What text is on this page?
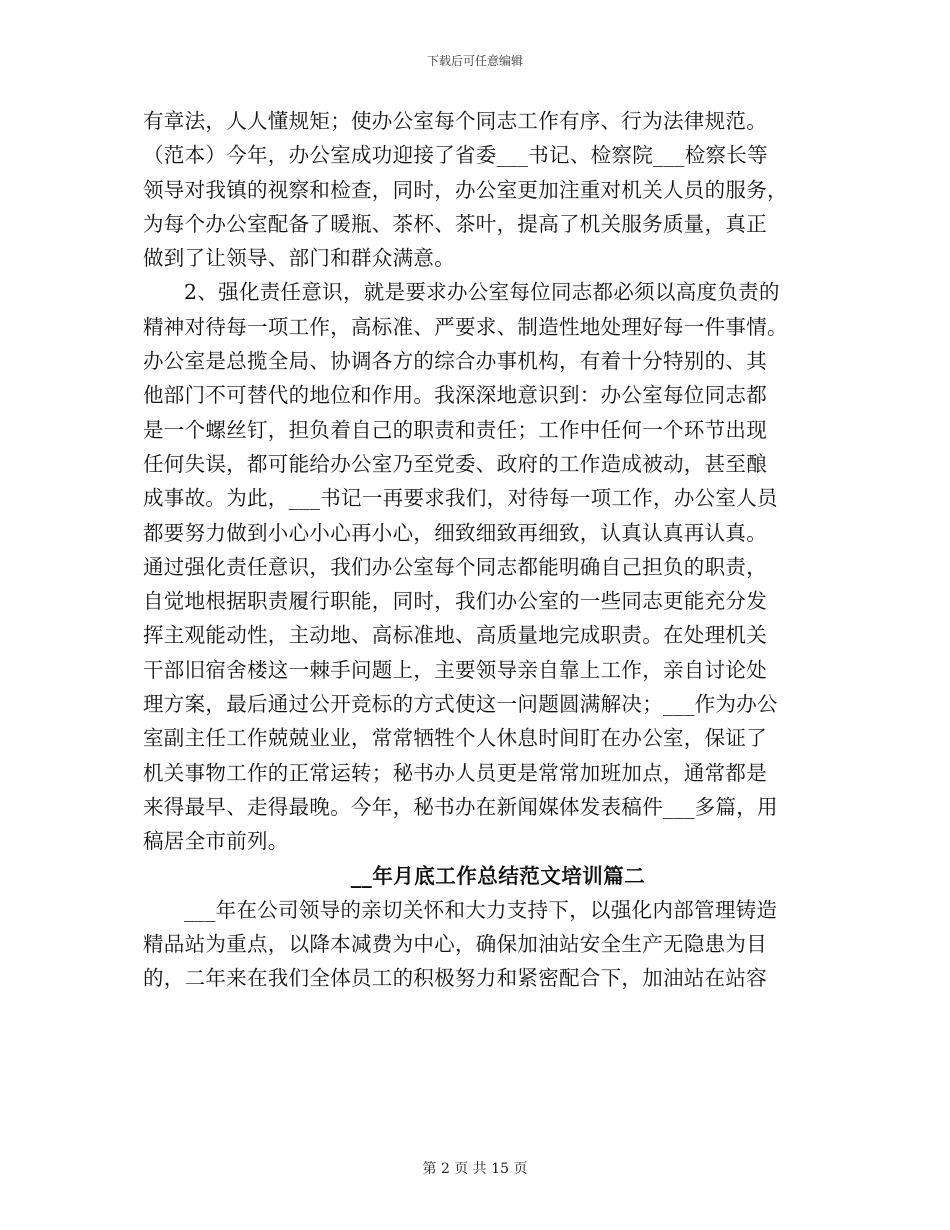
下载后可任意编辑
有章法，人人懂规矩；使办公室每个同志工作有序、行为法律规范。
（范本）今年，办公室成功迎接了省委___书记、检察院___检察长等
领导对我镇的视察和检查，同时，办公室更加注重对机关人员的服务，
为每个办公室配备了暖瓶、茶杯、茶叶，提高了机关服务质量，真正
做到了让领导、部门和群众满意。
2、强化责任意识，就是要求办公室每位同志都必须以高度负责的
精神对待每一项工作，高标准、严要求、制造性地处理好每一件事情。
办公室是总揽全局、协调各方的综合办事机构，有着十分特别的、其
他部门不可替代的地位和作用。我深深地意识到：办公室每位同志都
是一个螺丝钉，担负着自己的职责和责任；工作中任何一个环节出现
任何失误，都可能给办公室乃至党委、政府的工作造成被动，甚至酿
成事故。为此，___书记一再要求我们，对待每一项工作，办公室人员
都要努力做到小心小心再小心，细致细致再细致，认真认真再认真。
通过强化责任意识，我们办公室每个同志都能明确自己担负的职责，
自觉地根据职责履行职能，同时，我们办公室的一些同志更能充分发
挥主观能动性，主动地、高标准地、高质量地完成职责。在处理机关
干部旧宿舍楼这一棘手问题上，主要领导亲自靠上工作，亲自讨论处
理方案，最后通过公开竞标的方式使这一问题圆满解决；___作为办公
室副主任工作兢兢业业，常常牺牲个人休息时间盯在办公室，保证了
机关事物工作的正常运转；秘书办人员更是常常加班加点，通常都是
来得最早、走得最晚。今年，秘书办在新闻媒体发表稿件___多篇，用
稿居全市前列。
__年月底工作总结范文培训篇二
___年在公司领导的亲切关怀和大力支持下，以强化内部管理铸造
精品站为重点，以降本减费为中心，确保加油站安全生产无隐患为目
的，二年来在我们全体员工的积极努力和紧密配合下，加油站在站容
第 2 页 共 15 页
